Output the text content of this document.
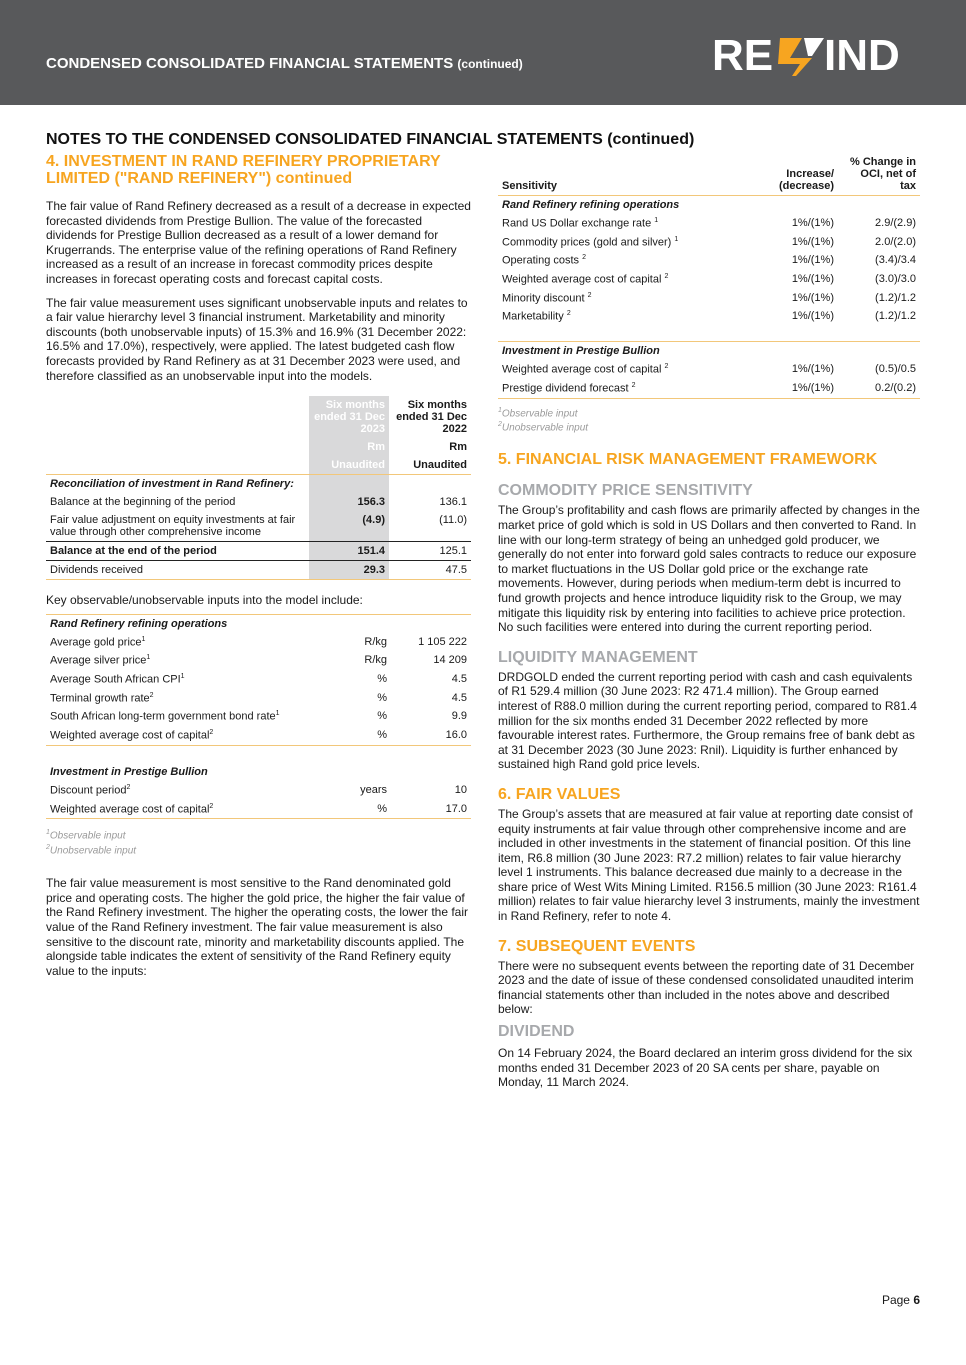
CONDENSED CONSOLIDATED FINANCIAL STATEMENTS (continued)	RE IND
NOTES TO THE CONDENSED CONSOLIDATED FINANCIAL STATEMENTS (continued)
4. INVESTMENT IN RAND REFINERY PROPRIETARY LIMITED ("RAND REFINERY") continued

The fair value of Rand Refinery decreased as a result of a decrease in expected forecasted dividends from Prestige Bullion. The value of the forecasted dividends for Prestige Bullion decreased as a result of a lower demand for Krugerrands. The enterprise value of the refining operations of Rand Refinery increased as a result of an increase in forecast commodity prices despite increases in forecast operating costs and forecast capital costs.

The fair value measurement uses significant unobservable inputs and relates to a fair value hierarchy level 3 financial instrument. Marketability and minority discounts (both unobservable inputs) of 15.3% and 16.9% (31 December 2022: 16.5% and 17.0%), respectively, were applied. The latest budgeted cash flow forecasts provided by Rand Refinery as at 31 December 2023 were used, and therefore classified as an unobservable input into the models.

	Six months ended 31 Dec 2023	Six months ended 31 Dec 2022
	Rm	Rm
	Unaudited	Unaudited
Reconciliation of investment in Rand Refinery:		
Balance at the beginning of the period	156.3	136.1
Fair value adjustment on equity investments at fair value through other comprehensive income	(4.9)	(11.0)
Balance at the end of the period	151.4	125.1
Dividends received	29.3	47.5

Key observable/unobservable inputs into the model include:

Rand Refinery refining operations		
Average gold price$^1$	R/kg	1 105 222
Average silver price$^1$	R/kg	14 209
Average South African CPI$^1$	%	4.5
Terminal growth rate$^2$	%	4.5
South African long-term government bond rate$^1$	%	9.9
Weighted average cost of capital$^2$	%	16.0

Investment in Prestige Bullion		
Discount period$^2$	years	10
Weighted average cost of capital$^2$	%	17.0
$^1$Observable input
$^2$Unobservable input

The fair value measurement is most sensitive to the Rand denominated gold price and operating costs. The higher the gold price, the higher the fair value of the Rand Refinery investment. The higher the operating costs, the lower the fair value of the Rand Refinery investment. The fair value measurement is also sensitive to the discount rate, minority and marketability discounts applied. The alongside table indicates the extent of sensitivity of the Rand Refinery equity value to the inputs:

Sensitivity	Increase/ (decrease)	% Change in OCI, net of tax
Rand Refinery refining operations		
Rand US Dollar exchange rate $^1$	1%/(1%)	2.9/(2.9)
Commodity prices (gold and silver) $^1$	1%/(1%)	2.0/(2.0)
Operating costs $^2$	1%/(1%)	(3.4)/3.4
Weighted average cost of capital $^2$	1%/(1%)	(3.0)/3.0
Minority discount $^2$	1%/(1%)	(1.2)/1.2
Marketability $^2$	1%/(1%)	(1.2)/1.2

Investment in Prestige Bullion		
Weighted average cost of capital $^2$	1%/(1%)	(0.5)/0.5
Prestige dividend forecast $^2$	1%/(1%)	0.2/(0.2)
$^1$Observable input
$^2$Unobservable input
5. FINANCIAL RISK MANAGEMENT FRAMEWORK
COMMODITY PRICE SENSITIVITY

The Group’s profitability and cash flows are primarily affected by changes in the market price of gold which is sold in US Dollars and then converted to Rand. In line with our long-term strategy of being an unhedged gold producer, we generally do not enter into forward gold sales contracts to reduce our exposure to market fluctuations in the US Dollar gold price or the exchange rate movements. However, during periods when medium-term debt is incurred to fund growth projects and hence introduce liquidity risk to the Group, we may mitigate this liquidity risk by entering into facilities to achieve price protection. No such facilities were entered into during the current reporting period.

LIQUIDITY MANAGEMENT

DRDGOLD ended the current reporting period with cash and cash equivalents of R1 529.4 million (30 June 2023: R2 471.4 million). The Group earned interest of R88.0 million during the current reporting period, compared to R81.4 million for the six months ended 31 December 2022 reflected by more favourable interest rates. Furthermore, the Group remains free of bank debt as at 31 December 2023 (30 June 2023: Rnil). Liquidity is further enhanced by sustained high Rand gold price levels.

6. FAIR VALUES

The Group’s assets that are measured at fair value at reporting date consist of equity instruments at fair value through other comprehensive income and are included in other investments in the statement of financial position. Of this line item, R6.8 million (30 June 2023: R7.2 million) relates to fair value hierarchy level 1 instruments. This balance decreased due mainly to a decrease in the share price of West Wits Mining Limited. R156.5 million (30 June 2023: R161.4 million) relates to fair value hierarchy level 3 instruments, mainly the investment in Rand Refinery, refer to note 4.

7. SUBSEQUENT EVENTS

There were no subsequent events between the reporting date of 31 December 2023 and the date of issue of these condensed consolidated unaudited interim financial statements other than included in the notes above and described below:

DIVIDEND

On 14 February 2024, the Board declared an interim gross dividend for the six months ended 31 December 2023 of 20 SA cents per share, payable on Monday, 11 March 2024.

Page 6
